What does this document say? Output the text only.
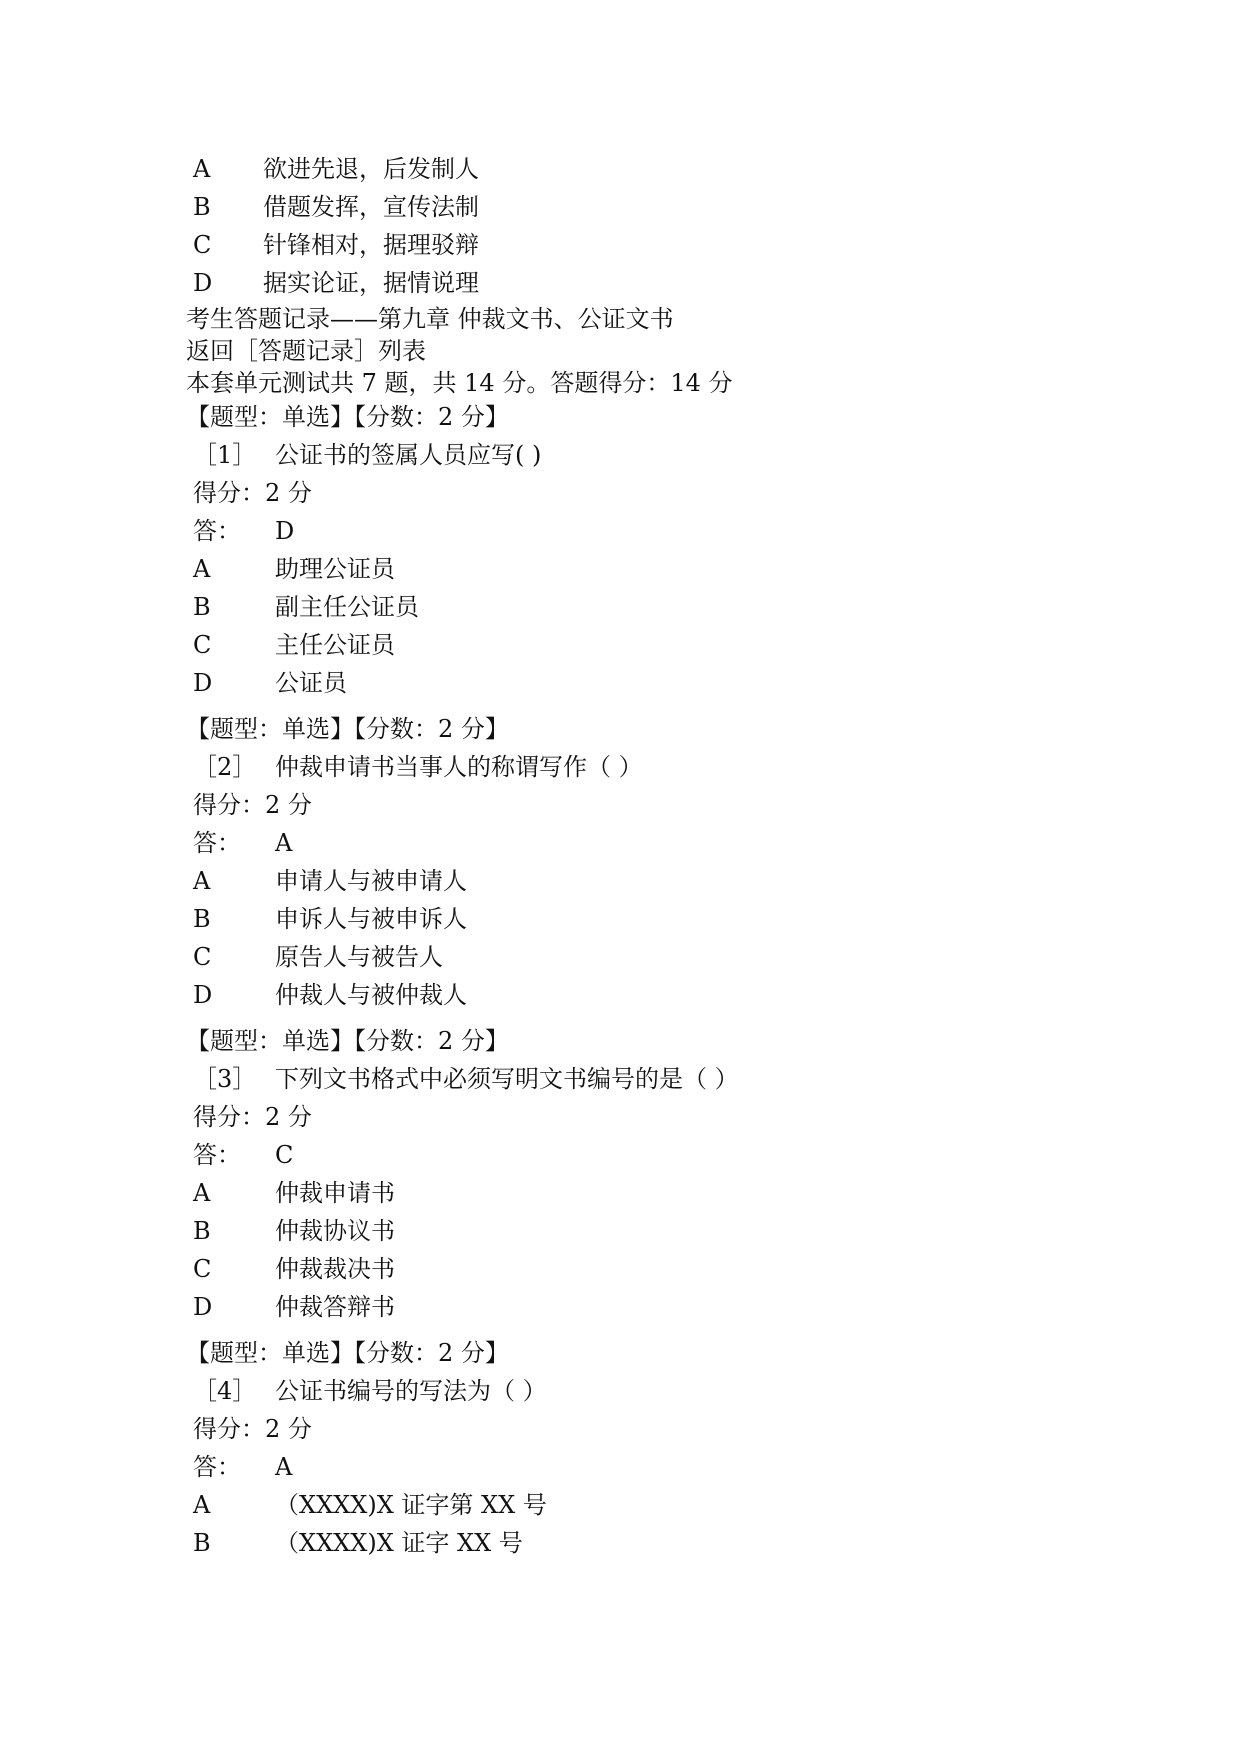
A 欲进先退，后发制人
B 借题发挥，宣传法制
C 针锋相对，据理驳辩
D 据实论证，据情说理
考生答题记录——第九章 仲裁文书、公证文书
返回［答题记录］列表
本套单元测试共 7 题，共 14 分。答题得分：14 分
【题型：单选】【分数：2 分】
［1］ 公证书的签属人员应写( )
得分：2 分
答： D
A	助理公证员
B	副主任公证员
C	主任公证员
D	公证员
【题型：单选】【分数：2 分】
［2］ 仲裁申请书当事人的称谓写作（ ）
得分：2 分
答： A
A	申请人与被申请人
B	申诉人与被申诉人
C	原告人与被告人
D	仲裁人与被仲裁人
【题型：单选】【分数：2 分】
［3］ 下列文书格式中必须写明文书编号的是（ ）
得分：2 分
答： C
A	仲裁申请书
B	仲裁协议书
C	仲裁裁决书
D	仲裁答辩书
【题型：单选】【分数：2 分】
［4］ 公证书编号的写法为（ ）
得分：2 分
答： A
A	（XXXX)X 证字第 XX 号
B	（XXXX)X 证字 XX 号
